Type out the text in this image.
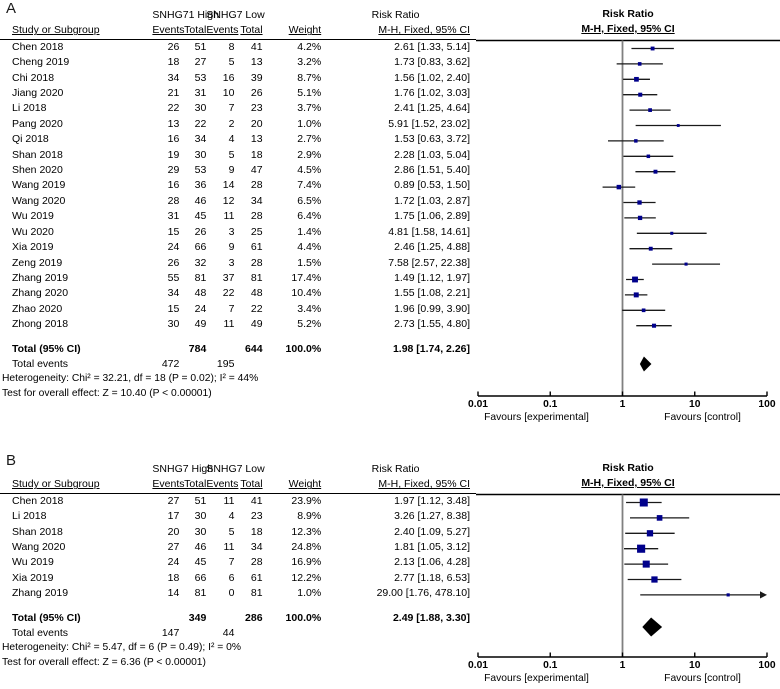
A
		SNHG71 High		SNHG7 Low			Risk Ratio
Study or Subgroup	Events	Total	Events	Total	Weight	M-H, Fixed, 95% CI
Chen 2018	26	51	8	41	4.2%	2.61 [1.33, 5.14]
Cheng 2019	18	27	5	13	3.2%	1.73 [0.83, 3.62]
Chi 2018	34	53	16	39	8.7%	1.56 [1.02, 2.40]
Jiang 2020	21	31	10	26	5.1%	1.76 [1.02, 3.03]
Li 2018	22	30	7	23	3.7%	2.41 [1.25, 4.64]
Pang 2020	13	22	2	20	1.0%	5.91 [1.52, 23.02]
Qi 2018	16	34	4	13	2.7%	1.53 [0.63, 3.72]
Shan 2018	19	30	5	18	2.9%	2.28 [1.03, 5.04]
Shen 2020	29	53	9	47	4.5%	2.86 [1.51, 5.40]
Wang 2019	16	36	14	28	7.4%	0.89 [0.53, 1.50]
Wang 2020	28	46	12	34	6.5%	1.72 [1.03, 2.87]
Wu 2019	31	45	11	28	6.4%	1.75 [1.06, 2.89]
Wu 2020	15	26	3	25	1.4%	4.81 [1.58, 14.61]
Xia 2019	24	66	9	61	4.4%	2.46 [1.25, 4.88]
Zeng 2019	26	32	3	28	1.5%	7.58 [2.57, 22.38]
Zhang 2019	55	81	37	81	17.4%	1.49 [1.12, 1.97]
Zhang 2020	34	48	22	48	10.4%	1.55 [1.08, 2.21]
Zhao 2020	15	24	7	22	3.4%	1.96 [0.99, 3.90]
Zhong 2018	30	49	11	49	5.2%	2.73 [1.55, 4.80]

Total (95% CI)		784		644	100.0%	1.98 [1.74, 2.26]
Total events	472		195			
Heterogeneity: Chi² = 32.21, df = 18 (P = 0.02); I² = 44%
Test for overall effect: Z = 10.40 (P < 0.00001)
Risk Ratio
M-H, Fixed, 95% CI
0.01	0.1	1	10	100
Favours [experimental]	Favours [control]
B
		SNHG7 High		SNHG7 Low			Risk Ratio
Study or Subgroup	Events	Total	Events	Total	Weight	M-H, Fixed, 95% CI
Chen 2018	27	51	11	41	23.9%	1.97 [1.12, 3.48]
Li 2018	17	30	4	23	8.9%	3.26 [1.27, 8.38]
Shan 2018	20	30	5	18	12.3%	2.40 [1.09, 5.27]
Wang 2020	27	46	11	34	24.8%	1.81 [1.05, 3.12]
Wu 2019	24	45	7	28	16.9%	2.13 [1.06, 4.28]
Xia 2019	18	66	6	61	12.2%	2.77 [1.18, 6.53]
Zhang 2019	14	81	0	81	1.0%	29.00 [1.76, 478.10]

Total (95% CI)		349		286	100.0%	2.49 [1.88, 3.30]
Total events	147		44			
Heterogeneity: Chi² = 5.47, df = 6 (P = 0.49); I² = 0%
Test for overall effect: Z = 6.36 (P < 0.00001)
Risk Ratio
M-H, Fixed, 95% CI
0.01	0.1	1	10	100
Favours [experimental]	Favours [control]
